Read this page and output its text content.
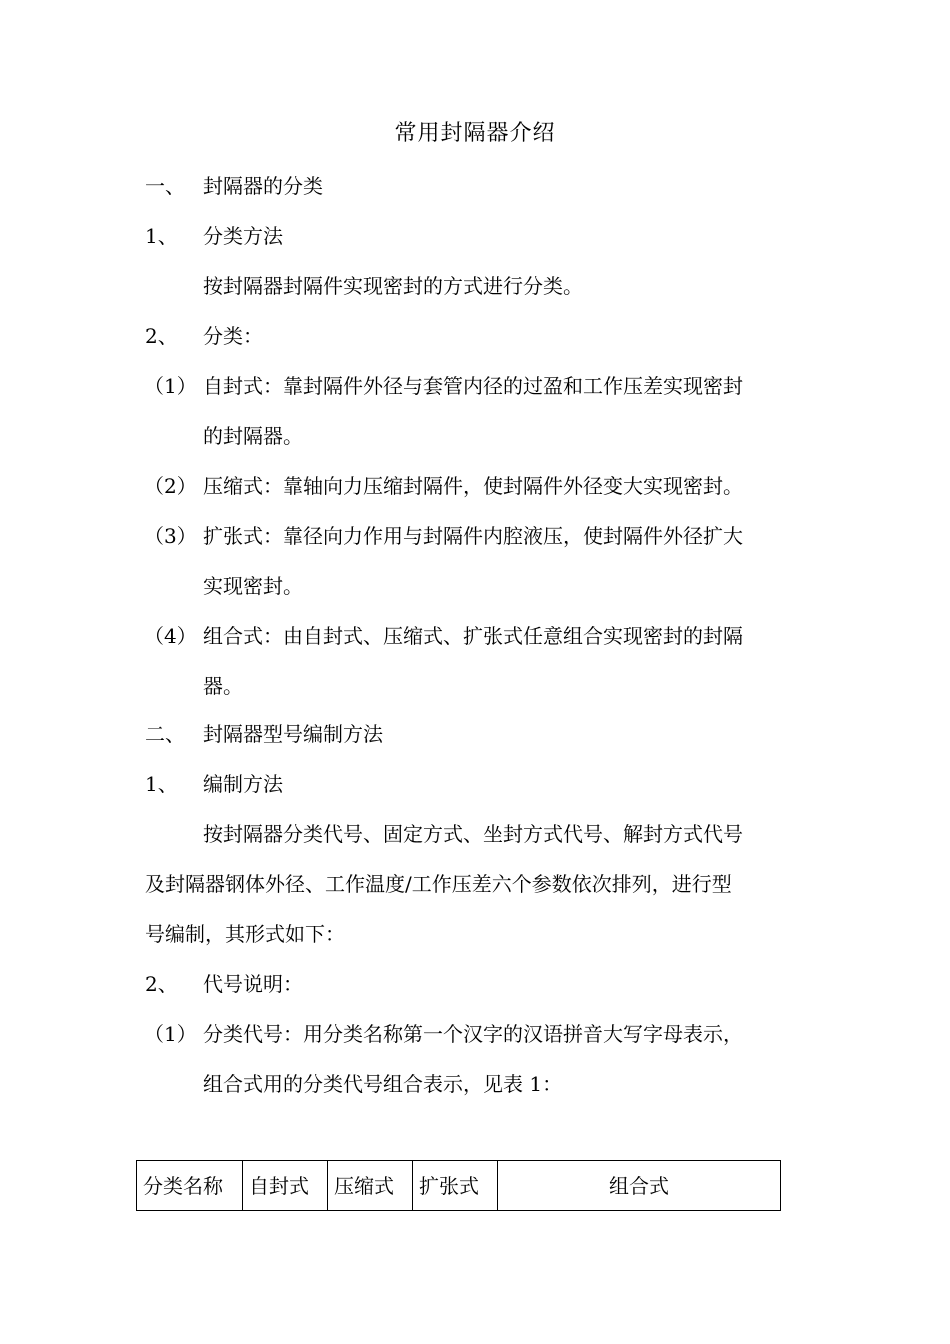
常用封隔器介绍
一、 封隔器的分类
1、 分类方法
按封隔器封隔件实现密封的方式进行分类。
2、 分类：
（1） 自封式：靠封隔件外径与套管内径的过盈和工作压差实现密封
的封隔器。
（2） 压缩式：靠轴向力压缩封隔件，使封隔件外径变大实现密封。
（3） 扩张式：靠径向力作用与封隔件内腔液压，使封隔件外径扩大
实现密封。
（4） 组合式：由自封式、压缩式、扩张式任意组合实现密封的封隔
器。
二、 封隔器型号编制方法
1、 编制方法
按封隔器分类代号、固定方式、坐封方式代号、解封方式代号
及封隔器钢体外径、工作温度/工作压差六个参数依次排列，进行型
号编制，其形式如下：
2、 代号说明：
（1） 分类代号：用分类名称第一个汉字的汉语拼音大写字母表示，
组合式用的分类代号组合表示，见表 1：
分类名称	自封式	压缩式	扩张式	组合式
